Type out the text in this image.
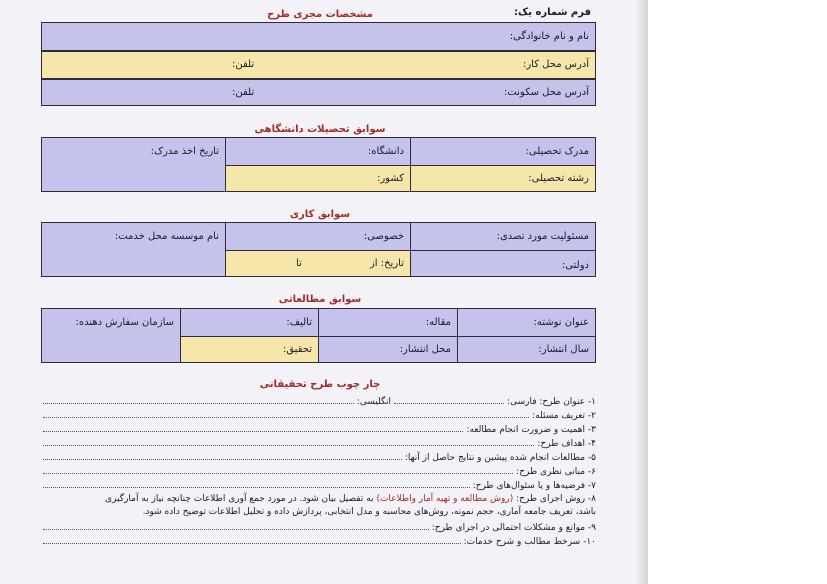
فرم شماره یک:
مشخصات مجری طرح
نام و نام خانوادگی:
آدرس محل کار:
تلفن:
آدرس محل سکونت:
تلفن:
سوابق تحصیلات دانشگاهی
مدرک تحصیلی:
دانشگاه:
تاریخ اخذ مدرک:
رشته تحصیلی:
کشور:
سوابق کاری
مسئولیت مورد تصدی:
خصوصی:
نام موسسه محل خدمت:
دولتی:
تاریخ: از
تا
سوابق مطالعاتی
عنوان نوشته:
مقاله:
تالیف:
سازمان سفارش دهنده:
سال انتشار:
محل انتشار:
تحقیق:
چار چوب طرح تحقیقاتی
۱- عنوان طرح: فارسی:
انگلیسی:
۲- تعریف مسئله:
۳- اهمیت و ضرورت انجام مطالعه:
۴- اهداف طرح:
۵- مطالعات انجام شده پیشین و نتایج حاصل از آنها:
۶- مبانی نظری طرح:
۷- فرضیه‌ها و یا سئوال‌های طرح:
۸- روش اجرای طرح: (روش مطالعه و تهیه آمار واطلاعات) به تفصیل بیان شود. در مورد جمع آوری اطلاعات چنانچه نیاز به آمارگیری
باشد، تعریف جامعه آماری، حجم نمونه، روش‌های محاسبه و مدل انتخابی، پردازش داده و تحلیل اطلاعات توضیح داده شود.
۹- موانع و مشکلات احتمالی در اجرای طرح:
۱۰- سرخط مطالب و شرح خدمات:
